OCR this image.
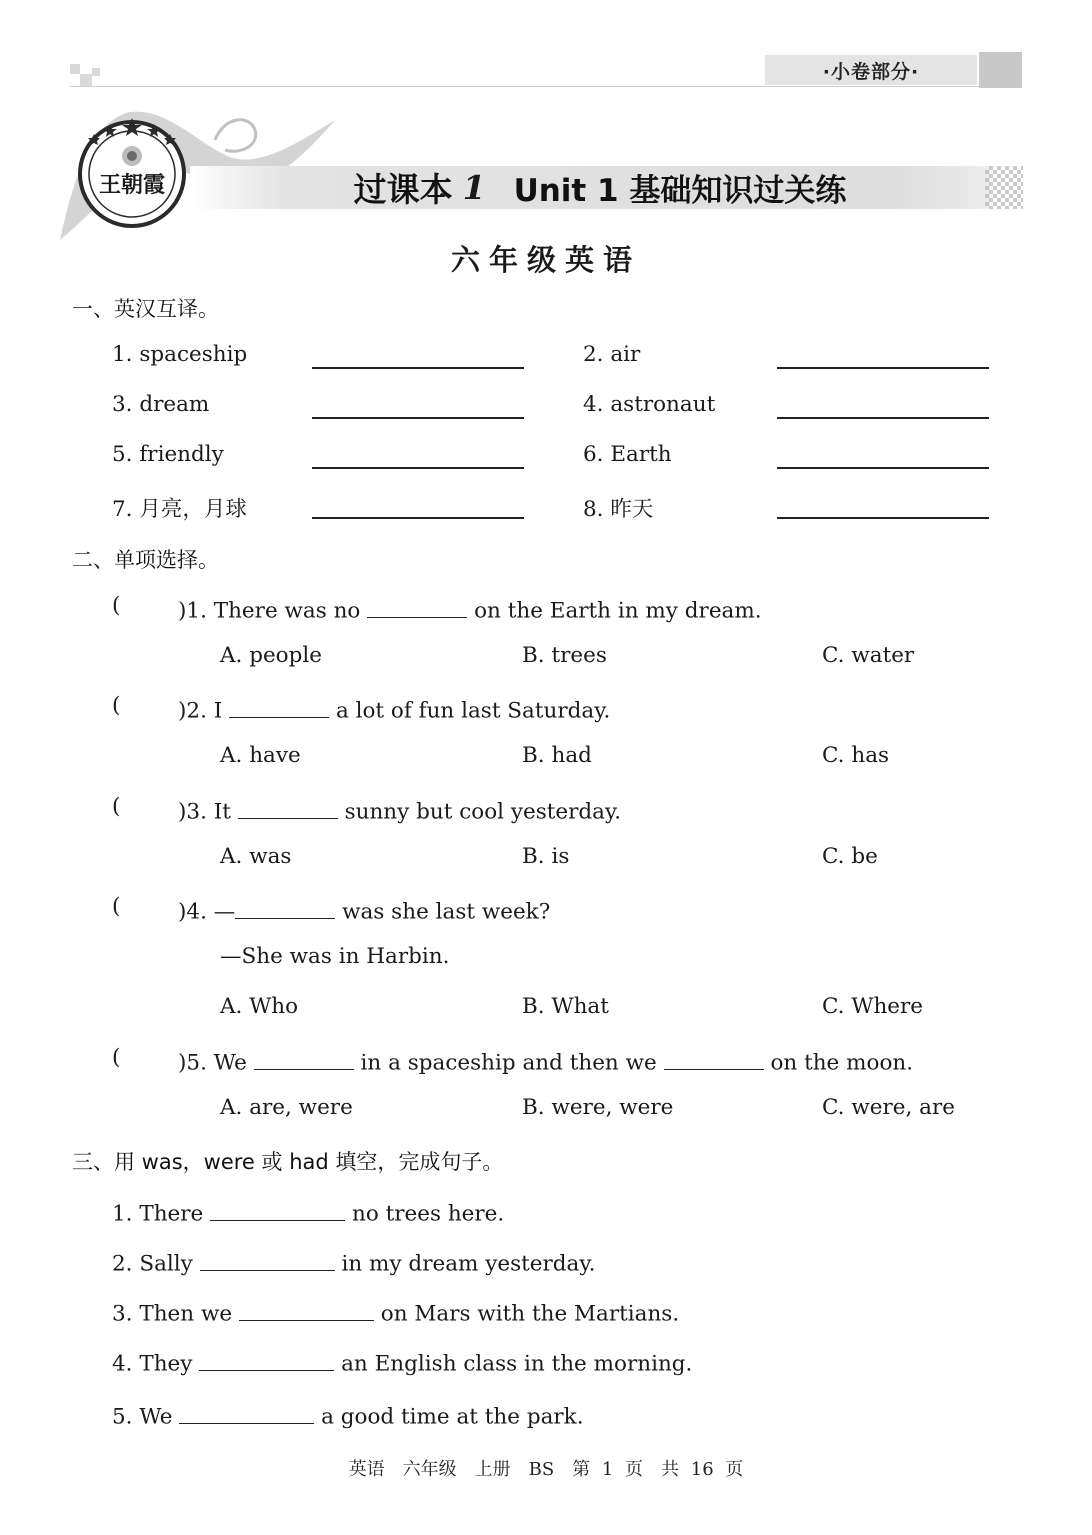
·小卷部分·
过课本 1 Unit 1 基础知识过关练
王朝霞
六年级英语
一、英汉互译。
1. spaceship	2. air
3. dream	4. astronaut
5. friendly	6. Earth
7. 月亮，月球	8. 昨天
二、单项选择。
(	)1. There was no	on the Earth in my dream.
A. people	B. trees	C. water
(	)2. I	a lot of fun last Saturday.
A. have	B. had	C. has
(	)3. It	sunny but cool yesterday.
A. was	B. is	C. be
(	)4. —	was she last week?
—She was in Harbin.
A. Who	B. What	C. Where
(	)5. We	in a spaceship and then we	on the moon.
A. are, were	B. were, were	C. were, are
三、用 was，were 或 had 填空，完成句子。
1. There	no trees here.
2. Sally	in my dream yesterday.
3. Then we	on Mars with the Martians.
4. They	an English class in the morning.
5. We	a good time at the park.
英语　六年级　上册　BS　第 1 页　共 16 页
